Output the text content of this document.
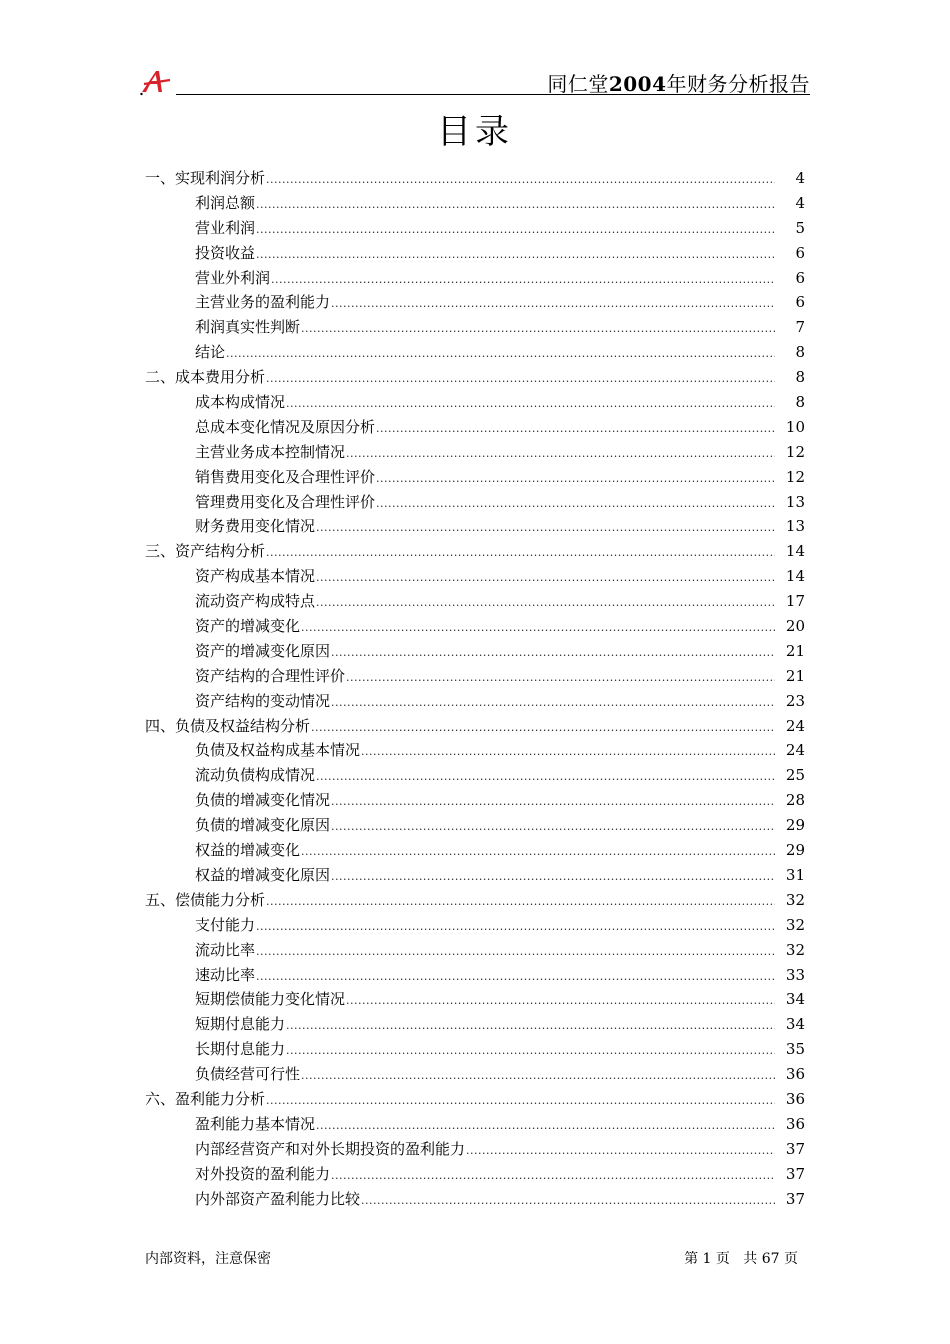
同仁堂2004年财务分析报告
目录
一、实现利润分析 .....	4
利润总额 .....	4
营业利润 .....	5
投资收益 .....	6
营业外利润 .....	6
主营业务的盈利能力 .....	6
利润真实性判断 .....	7
结论 .....	8
二、成本费用分析 .....	8
成本构成情况 .....	8
总成本变化情况及原因分析 .....	10
主营业务成本控制情况 .....	12
销售费用变化及合理性评价 .....	12
管理费用变化及合理性评价 .....	13
财务费用变化情况 .....	13
三、资产结构分析 .....	14
资产构成基本情况 .....	14
流动资产构成特点 .....	17
资产的增减变化 .....	20
资产的增减变化原因 .....	21
资产结构的合理性评价 .....	21
资产结构的变动情况 .....	23
四、负债及权益结构分析 .....	24
负债及权益构成基本情况 .....	24
流动负债构成情况 .....	25
负债的增减变化情况 .....	28
负债的增减变化原因 .....	29
权益的增减变化 .....	29
权益的增减变化原因 .....	31
五、偿债能力分析 .....	32
支付能力 .....	32
流动比率 .....	32
速动比率 .....	33
短期偿债能力变化情况 .....	34
短期付息能力 .....	34
长期付息能力 .....	35
负债经营可行性 .....	36
六、盈利能力分析 .....	36
盈利能力基本情况 .....	36
内部经营资产和对外长期投资的盈利能力 .....	37
对外投资的盈利能力 .....	37
内外部资产盈利能力比较 .....	37
内部资料，注意保密	第 1 页 共 67 页
